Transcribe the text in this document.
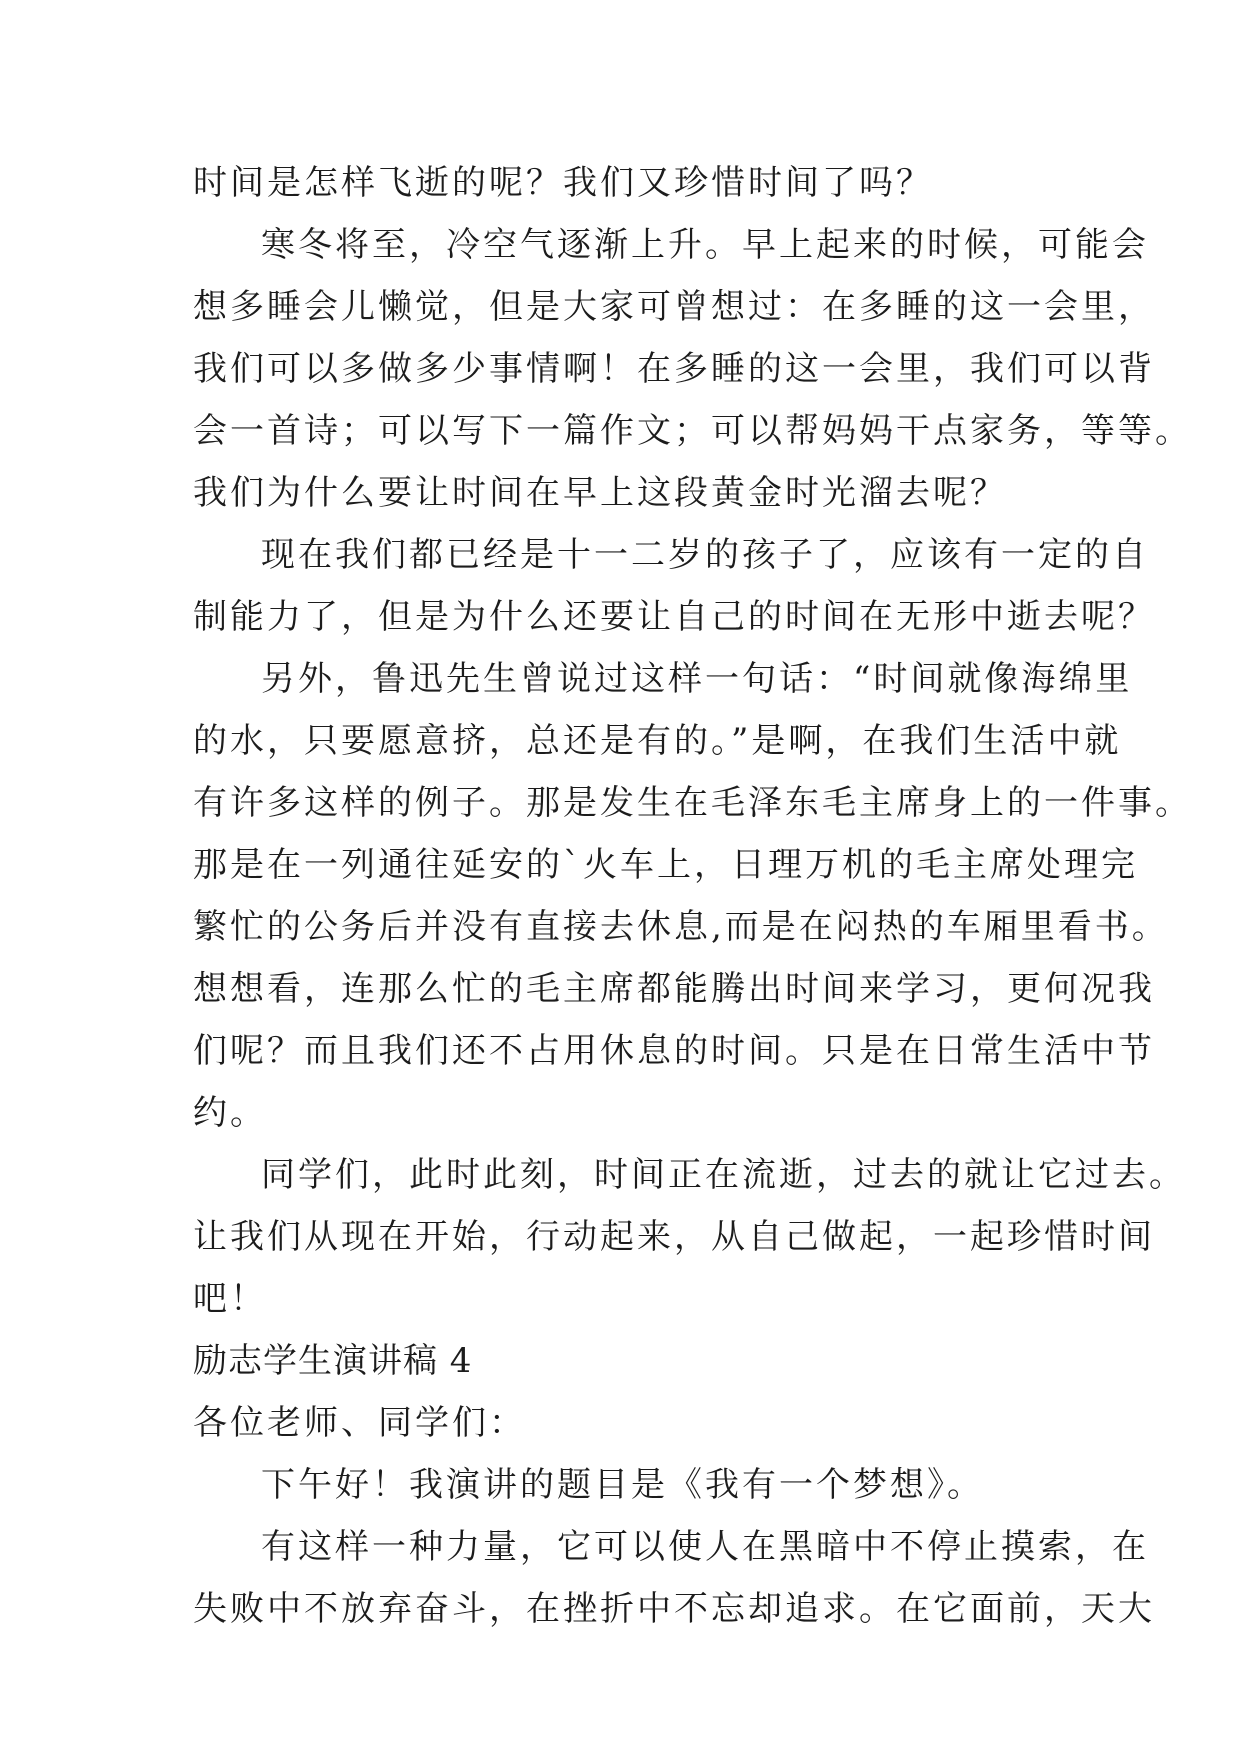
时间是怎样飞逝的呢？我们又珍惜时间了吗？
寒冬将至，冷空气逐渐上升。早上起来的时候，可能会
想多睡会儿懒觉，但是大家可曾想过：在多睡的这一会里，
我们可以多做多少事情啊！在多睡的这一会里，我们可以背
会一首诗；可以写下一篇作文；可以帮妈妈干点家务，等等。
我们为什么要让时间在早上这段黄金时光溜去呢？
现在我们都已经是十一二岁的孩子了，应该有一定的自
制能力了，但是为什么还要让自己的时间在无形中逝去呢？
另外，鲁迅先生曾说过这样一句话：“时间就像海绵里
的水，只要愿意挤，总还是有的。”是啊，在我们生活中就
有许多这样的例子。那是发生在毛泽东毛主席身上的一件事。
那是在一列通往延安的`火车上，日理万机的毛主席处理完
繁忙的公务后并没有直接去休息,而是在闷热的车厢里看书。
想想看，连那么忙的毛主席都能腾出时间来学习，更何况我
们呢？而且我们还不占用休息的时间。只是在日常生活中节
约。
同学们，此时此刻，时间正在流逝，过去的就让它过去。
让我们从现在开始，行动起来，从自己做起，一起珍惜时间
吧！
励志学生演讲稿 4
各位老师、同学们：
下午好！我演讲的题目是《我有一个梦想》。
有这样一种力量，它可以使人在黑暗中不停止摸索，在
失败中不放弃奋斗，在挫折中不忘却追求。在它面前，天大
